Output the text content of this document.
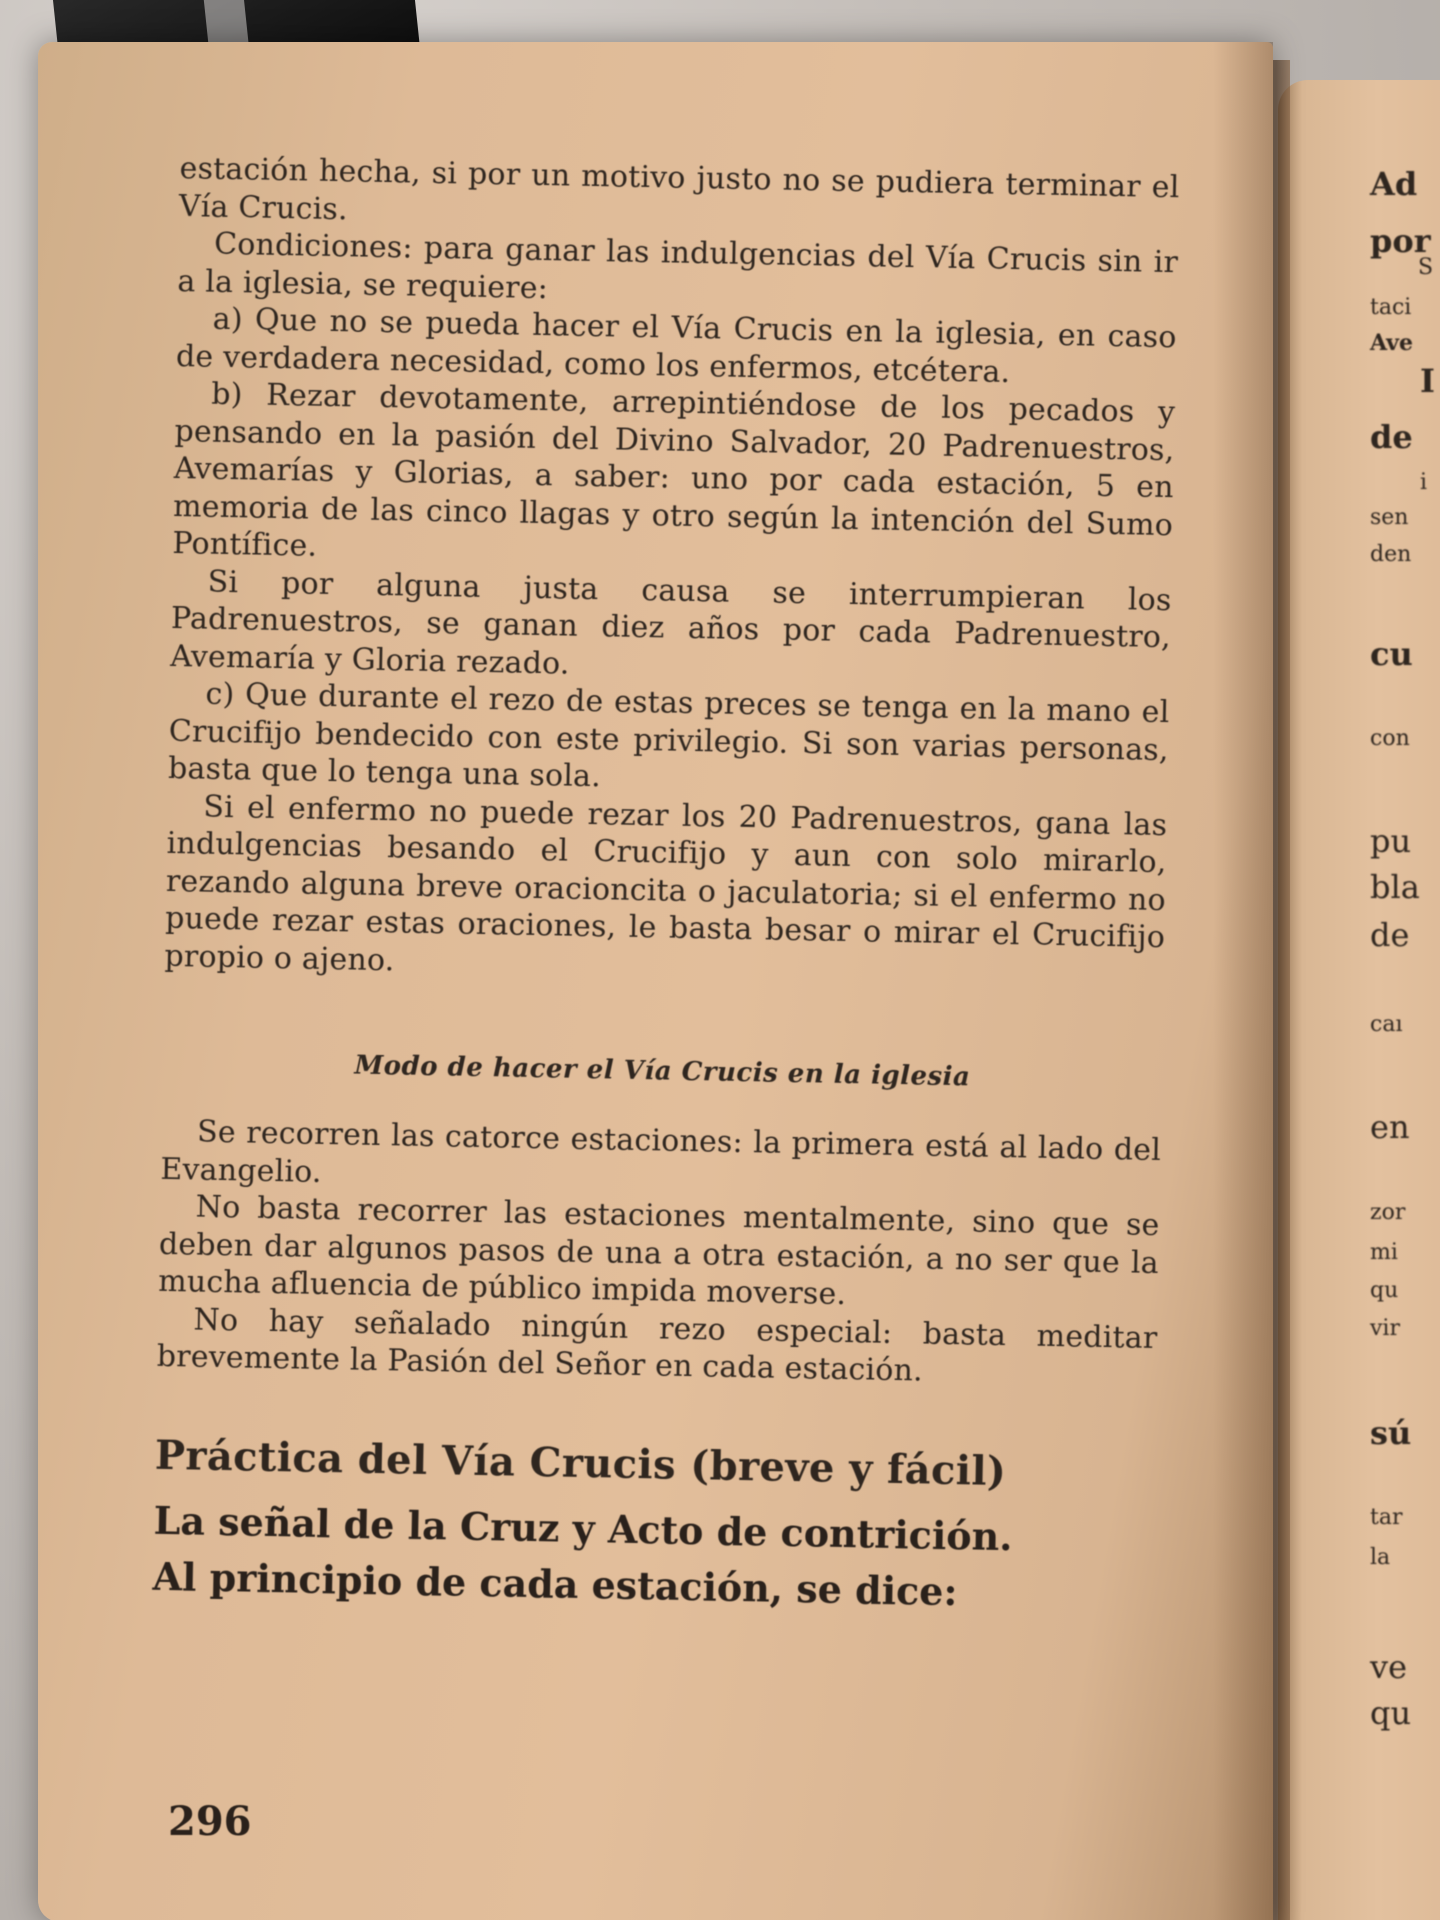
estación hecha, si por un motivo justo no se pudiera terminar el Vía Crucis.

Condiciones: para ganar las indulgencias del Vía Crucis sin ir a la iglesia, se requiere:

a) Que no se pueda hacer el Vía Crucis en la iglesia, en caso de verdadera necesidad, como los enfermos, etcétera.

b) Rezar devotamente, arrepintiéndose de los pecados y pensando en la pasión del Divino Salvador, 20 Padrenuestros, Avemarías y Glorias, a saber: uno por cada estación, 5 en memoria de las cinco llagas y otro según la intención del Sumo Pontífice.

Si por alguna justa causa se interrumpieran los Padrenuestros, se ganan diez años por cada Padrenuestro, Avemaría y Gloria rezado.

c) Que durante el rezo de estas preces se tenga en la mano el Crucifijo bendecido con este privilegio. Si son varias personas, basta que lo tenga una sola.

Si el enfermo no puede rezar los 20 Padrenuestros, gana las indulgencias besando el Crucifijo y aun con solo mirarlo, rezando alguna breve oracioncita o jaculatoria; si el enfermo no puede rezar estas oraciones, le basta besar o mirar el Crucifijo propio o ajeno.

Modo de hacer el Vía Crucis en la iglesia

Se recorren las catorce estaciones: la primera está al lado del Evangelio.

No basta recorrer las estaciones mentalmente, sino que se deben dar algunos pasos de una a otra estación, a no ser que la mucha afluencia de público impida moverse.

No hay señalado ningún rezo especial: basta meditar brevemente la Pasión del Señor en cada estación.

Práctica del Vía Crucis (breve y fácil)

La señal de la Cruz y Acto de contrición.

Al principio de cada estación, se dice:

296
Ad
por
S
taci
Ave
I
de
i
sen
den
cu
con
pu
bla
de
caı
en
zor
mi
qu
vir
sú
tar
la
ve
qu
